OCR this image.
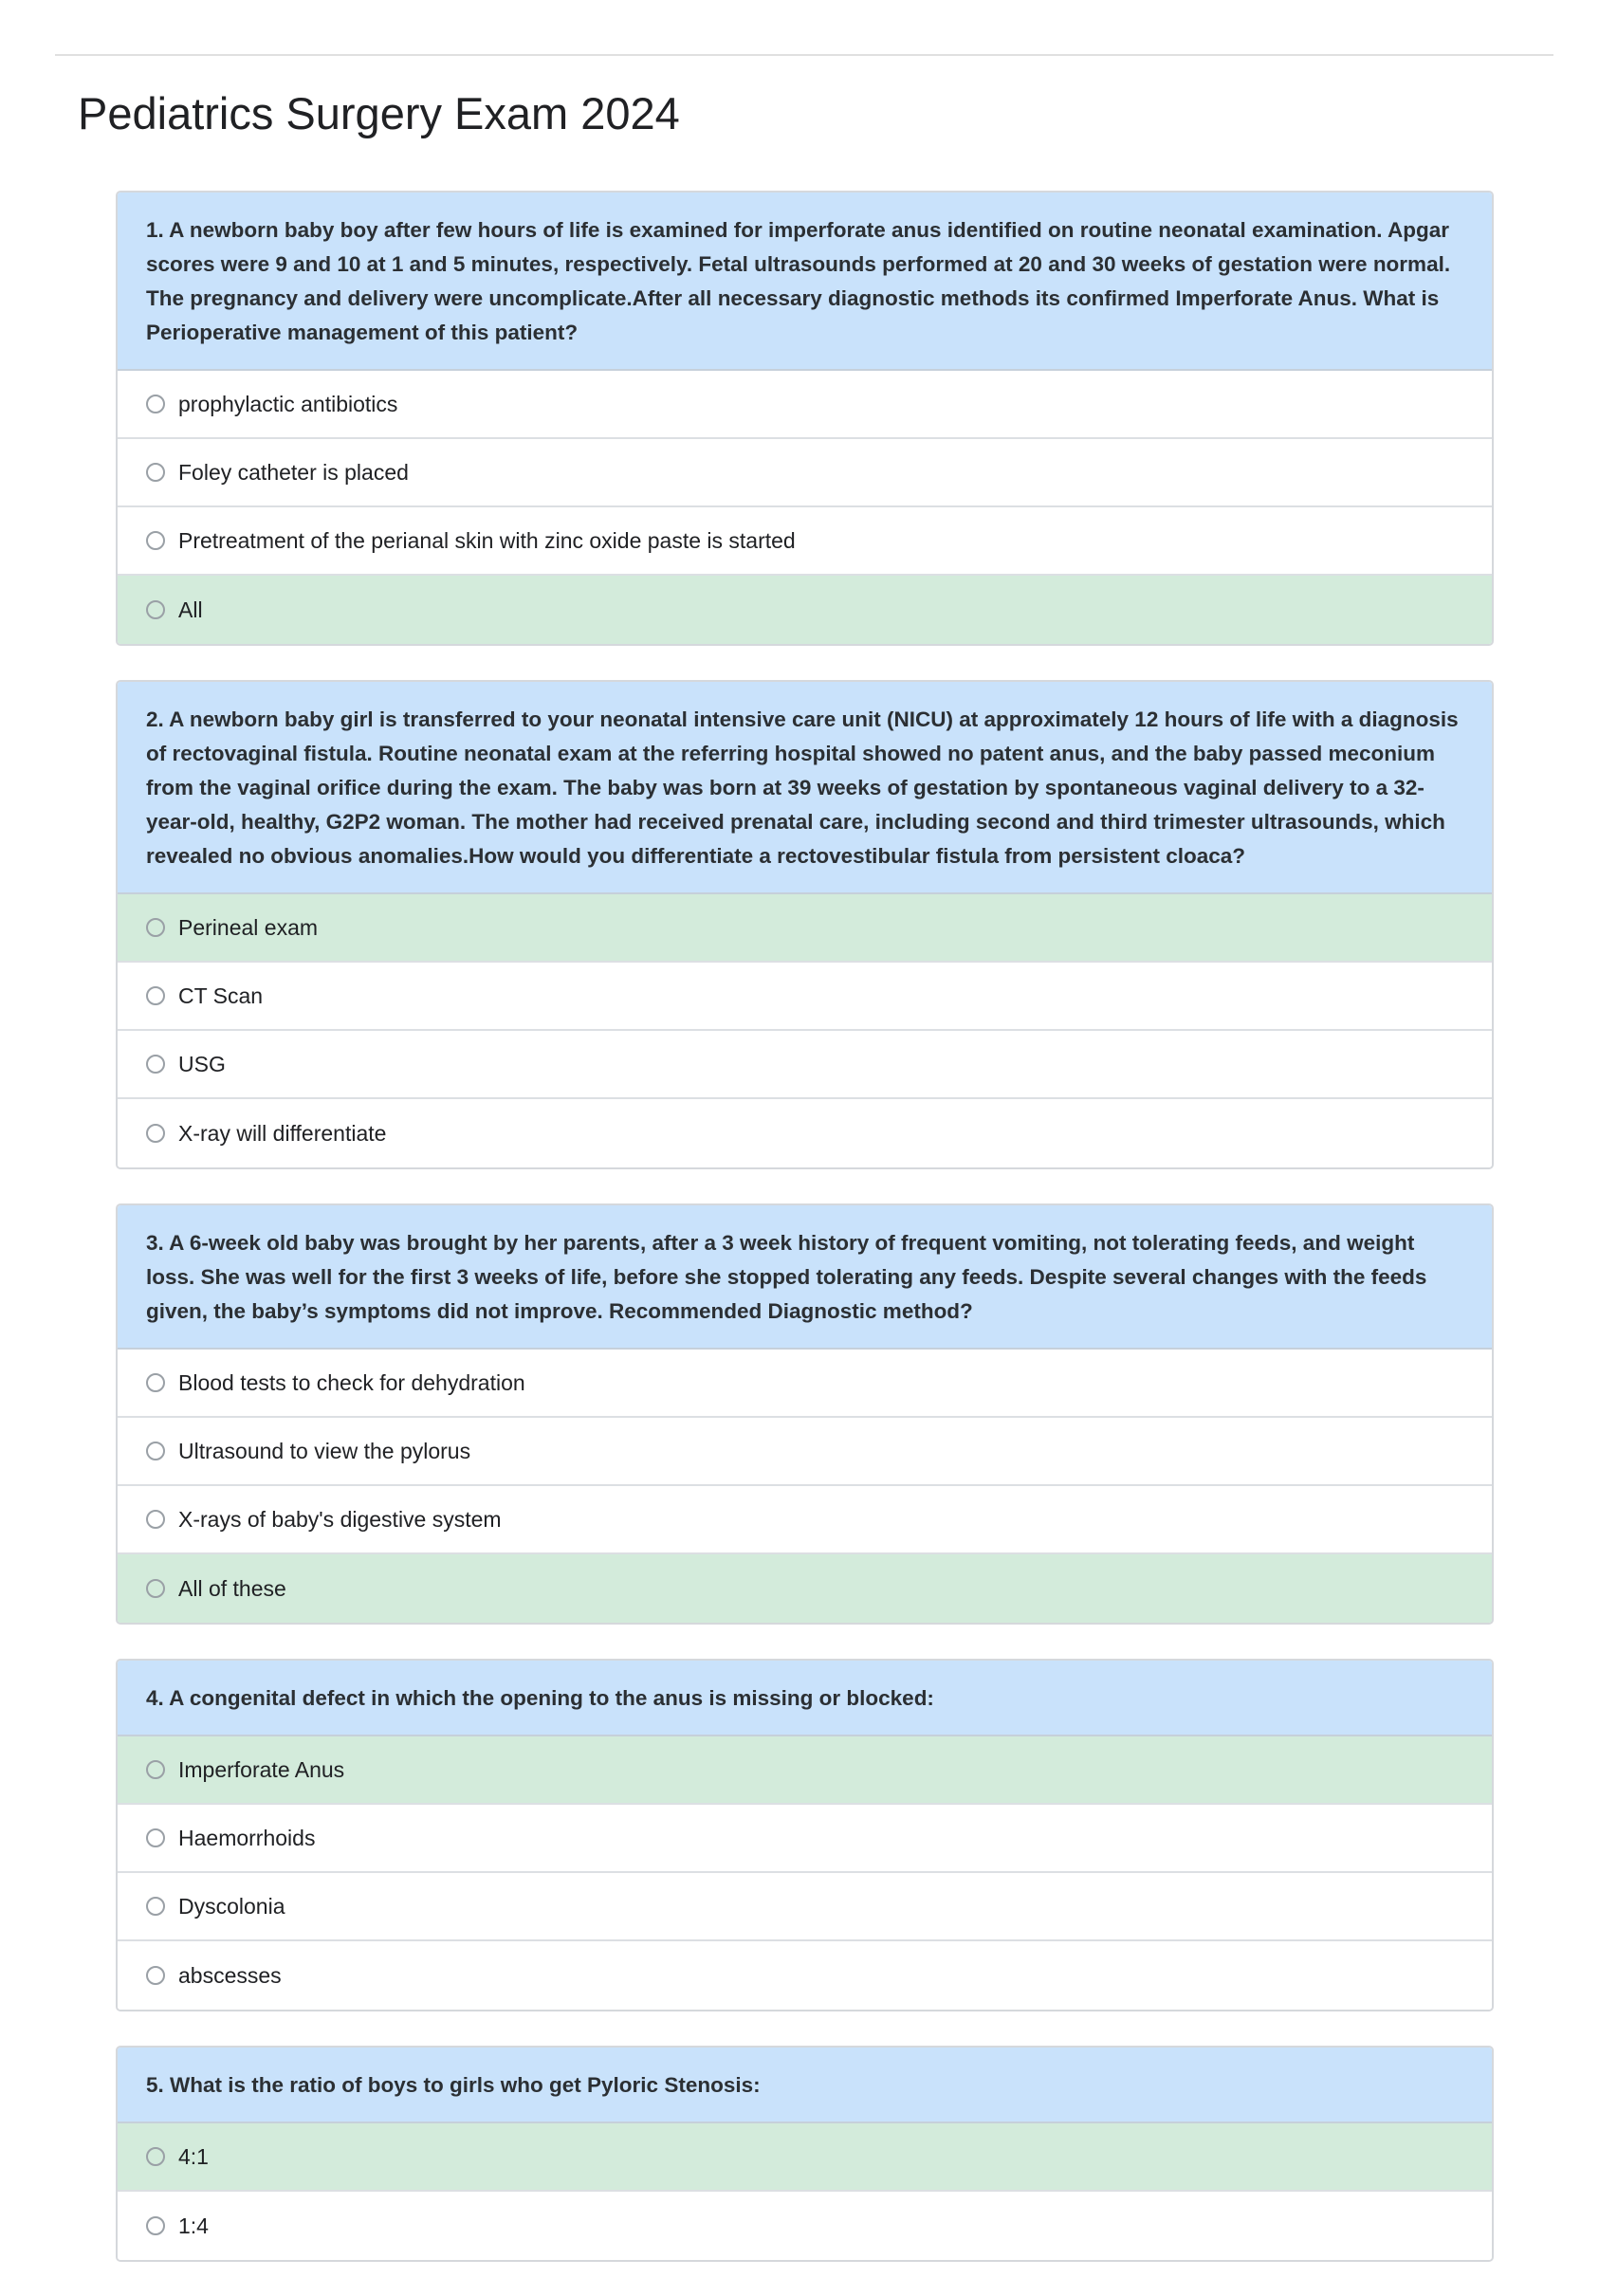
Pediatrics Surgery Exam 2024
1. A newborn baby boy after few hours of life is examined for imperforate anus identified on routine neonatal examination. Apgar scores were 9 and 10 at 1 and 5 minutes, respectively. Fetal ultrasounds performed at 20 and 30 weeks of gestation were normal. The pregnancy and delivery were uncomplicate.After all necessary diagnostic methods its confirmed Imperforate Anus. What is Perioperative management of this patient?
prophylactic antibiotics
Foley catheter is placed
Pretreatment of the perianal skin with zinc oxide paste is started
All
2. A newborn baby girl is transferred to your neonatal intensive care unit (NICU) at approximately 12 hours of life with a diagnosis of rectovaginal fistula. Routine neonatal exam at the referring hospital showed no patent anus, and the baby passed meconium from the vaginal orifice during the exam. The baby was born at 39 weeks of gestation by spontaneous vaginal delivery to a 32-year-old, healthy, G2P2 woman. The mother had received prenatal care, including second and third trimester ultrasounds, which revealed no obvious anomalies.How would you differentiate a rectovestibular fistula from persistent cloaca?
Perineal exam
CT Scan
USG
X-ray will differentiate
3. A 6-week old baby was brought by her parents, after a 3 week history of frequent vomiting, not tolerating feeds, and weight loss. She was well for the first 3 weeks of life, before she stopped tolerating any feeds. Despite several changes with the feeds given, the baby’s symptoms did not improve. Recommended Diagnostic method?
Blood tests to check for dehydration
Ultrasound to view the pylorus
X-rays of baby's digestive system
All of these
4. A congenital defect in which the opening to the anus is missing or blocked:
Imperforate Anus
Haemorrhoids
Dyscolonia
abscesses
5. What is the ratio of boys to girls who get Pyloric Stenosis:
4:1
1:4
